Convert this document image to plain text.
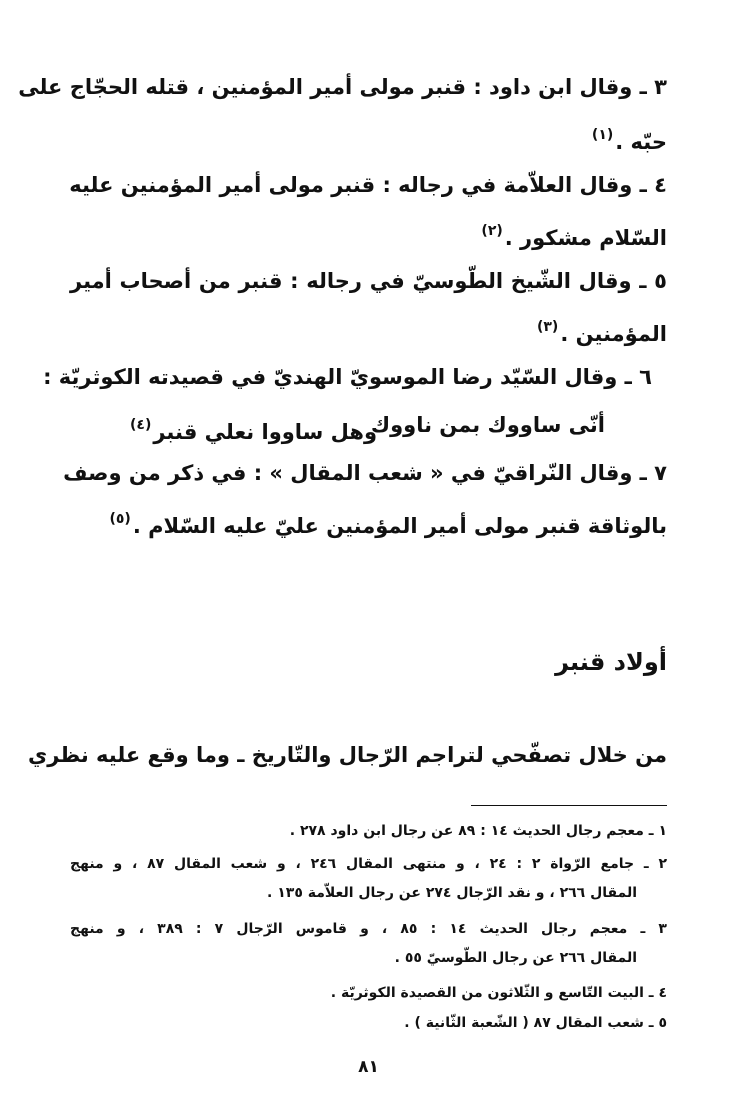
٣ ـ وقال ابن داود : قنبر مولى أمير المؤمنين ، قتله الحجّاج على
حبّه .$^{(١)}$
٤ ـ وقال العلاّمة في رجاله : قنبر مولى أمير المؤمنين عليه
السّلام مشكور .$^{(٢)}$
٥ ـ وقال الشّيخ الطّوسيّ في رجاله : قنبر من أصحاب أمير
المؤمنين .$^{(٣)}$
٦ ـ وقال السّيّد رضا الموسويّ الهنديّ في قصيدته الكوثريّة :
أنّى ساووك بمن ناووك
وهل ساووا نعلي قنبر$^{(٤)}$
٧ ـ وقال النّراقيّ في « شعب المقال » : في ذكر من وصف
بالوثاقة قنبر مولى أمير المؤمنين عليّ عليه السّلام .$^{(٥)}$
أولاد قنبر
من خلال تصفّحي لتراجم الرّجال والتّاريخ ـ وما وقع عليه نظري
١ ـ معجم رجال الحديث ١٤ : ٨٩ عن رجال ابن داود ٢٧٨ .
٢ ـ جامع الرّواة ٢ : ٢٤ ، و منتهى المقال ٢٤٦ ، و شعب المقال ٨٧ ، و منهج
المقال ٢٦٦ ، و نقد الرّجال ٢٧٤ عن رجال العلاّمة ١٣٥ .
٣ ـ معجم رجال الحديث ١٤ : ٨٥ ، و قاموس الرّجال ٧ : ٣٨٩ ، و منهج
المقال ٢٦٦ عن رجال الطّوسيّ ٥٥ .
٤ ـ البيت التّاسع و الثّلاثون من القصيدة الكوثريّة .
٥ ـ شعب المقال ٨٧ ( الشّعبة الثّانية ) .
٨١
